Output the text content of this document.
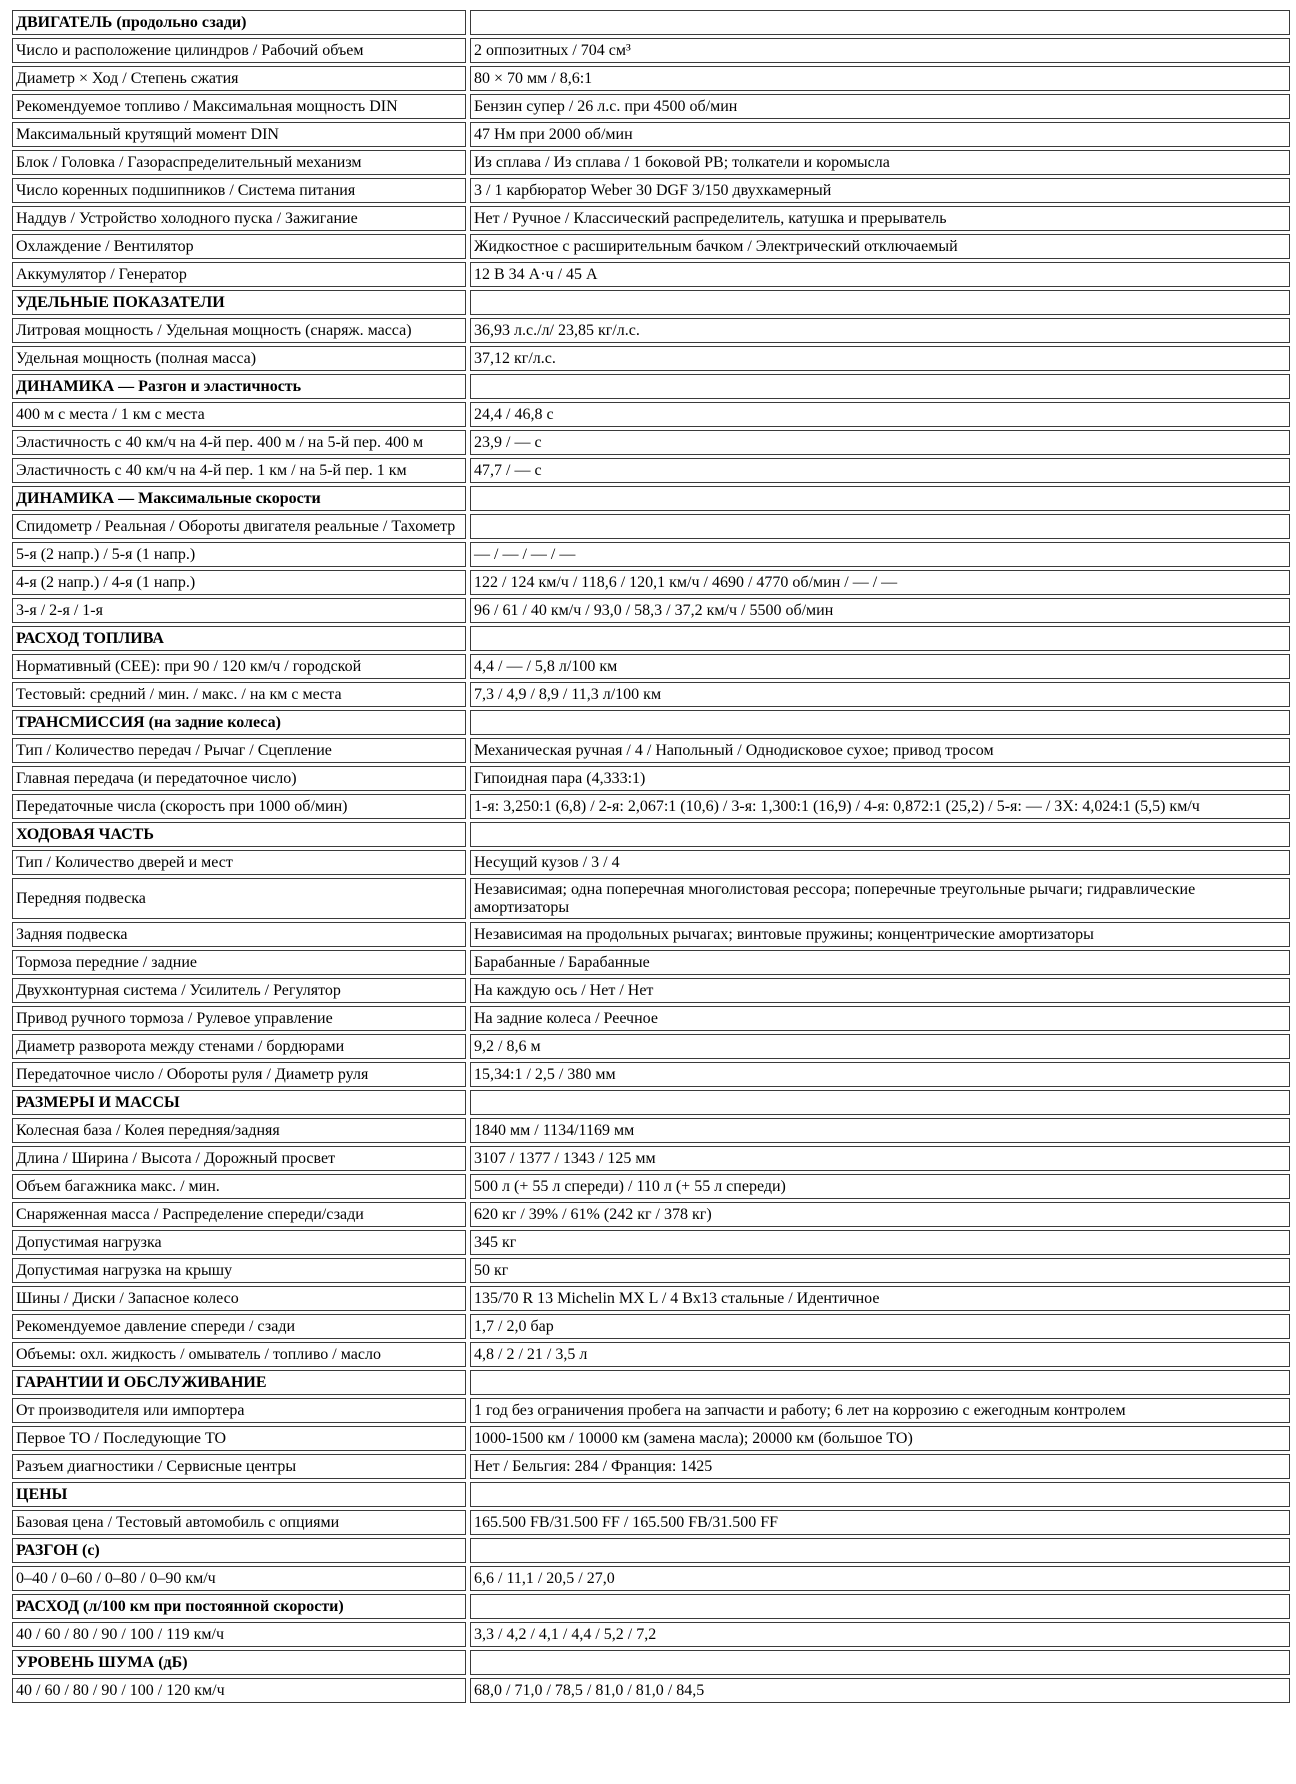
ДВИГАТЕЛЬ (продольно сзади)	
Число и расположение цилиндров / Рабочий объем	2 оппозитных / 704 см³
Диаметр × Ход / Степень сжатия	80 × 70 мм / 8,6:1
Рекомендуемое топливо / Максимальная мощность DIN	Бензин супер / 26 л.с. при 4500 об/мин
Максимальный крутящий момент DIN	47 Нм при 2000 об/мин
Блок / Головка / Газораспределительный механизм	Из сплава / Из сплава / 1 боковой РВ; толкатели и коромысла
Число коренных подшипников / Система питания	3 / 1 карбюратор Weber 30 DGF 3/150 двухкамерный
Наддув / Устройство холодного пуска / Зажигание	Нет / Ручное / Классический распределитель, катушка и прерыватель
Охлаждение / Вентилятор	Жидкостное с расширительным бачком / Электрический отключаемый
Аккумулятор / Генератор	12 В 34 А·ч / 45 А
УДЕЛЬНЫЕ ПОКАЗАТЕЛИ	
Литровая мощность / Удельная мощность (снаряж. масса)	36,93 л.с./л/ 23,85 кг/л.с.
Удельная мощность (полная масса)	37,12 кг/л.с.
ДИНАМИКА — Разгон и эластичность	
400 м с места / 1 км с места	24,4 / 46,8 с
Эластичность с 40 км/ч на 4-й пер. 400 м / на 5-й пер. 400 м	23,9 / — с
Эластичность с 40 км/ч на 4-й пер. 1 км / на 5-й пер. 1 км	47,7 / — с
ДИНАМИКА — Максимальные скорости	
Спидометр / Реальная / Обороты двигателя реальные / Тахометр	
5-я (2 напр.) / 5-я (1 напр.)	— / — / — / —
4-я (2 напр.) / 4-я (1 напр.)	122 / 124 км/ч / 118,6 / 120,1 км/ч / 4690 / 4770 об/мин / — / —
3-я / 2-я / 1-я	96 / 61 / 40 км/ч / 93,0 / 58,3 / 37,2 км/ч / 5500 об/мин
РАСХОД ТОПЛИВА	
Нормативный (CEE): при 90 / 120 км/ч / городской	4,4 / — / 5,8 л/100 км
Тестовый: средний / мин. / макс. / на км с места	7,3 / 4,9 / 8,9 / 11,3 л/100 км
ТРАНСМИССИЯ (на задние колеса)	
Тип / Количество передач / Рычаг / Сцепление	Механическая ручная / 4 / Напольный / Однодисковое сухое; привод тросом
Главная передача (и передаточное число)	Гипоидная пара (4,333:1)
Передаточные числа (скорость при 1000 об/мин)	1-я: 3,250:1 (6,8) / 2-я: 2,067:1 (10,6) / 3-я: 1,300:1 (16,9) / 4-я: 0,872:1 (25,2) / 5-я: — / ЗХ: 4,024:1 (5,5) км/ч
ХОДОВАЯ ЧАСТЬ	
Тип / Количество дверей и мест	Несущий кузов / 3 / 4
Передняя подвеска	Независимая; одна поперечная многолистовая рессора; поперечные треугольные рычаги; гидравлические амортизаторы
Задняя подвеска	Независимая на продольных рычагах; винтовые пружины; концентрические амортизаторы
Тормоза передние / задние	Барабанные / Барабанные
Двухконтурная система / Усилитель / Регулятор	На каждую ось / Нет / Нет
Привод ручного тормоза / Рулевое управление	На задние колеса / Реечное
Диаметр разворота между стенами / бордюрами	9,2 / 8,6 м
Передаточное число / Обороты руля / Диаметр руля	15,34:1 / 2,5 / 380 мм
РАЗМЕРЫ И МАССЫ	
Колесная база / Колея передняя/задняя	1840 мм / 1134/1169 мм
Длина / Ширина / Высота / Дорожный просвет	3107 / 1377 / 1343 / 125 мм
Объем багажника макс. / мин.	500 л (+ 55 л спереди) / 110 л (+ 55 л спереди)
Снаряженная масса / Распределение спереди/сзади	620 кг / 39% / 61% (242 кг / 378 кг)
Допустимая нагрузка	345 кг
Допустимая нагрузка на крышу	50 кг
Шины / Диски / Запасное колесо	135/70 R 13 Michelin MX L / 4 Bx13 стальные / Идентичное
Рекомендуемое давление спереди / сзади	1,7 / 2,0 бар
Объемы: охл. жидкость / омыватель / топливо / масло	4,8 / 2 / 21 / 3,5 л
ГАРАНТИИ И ОБСЛУЖИВАНИЕ	
От производителя или импортера	1 год без ограничения пробега на запчасти и работу; 6 лет на коррозию с ежегодным контролем
Первое ТО / Последующие ТО	1000-1500 км / 10000 км (замена масла); 20000 км (большое ТО)
Разъем диагностики / Сервисные центры	Нет / Бельгия: 284 / Франция: 1425
ЦЕНЫ	
Базовая цена / Тестовый автомобиль с опциями	165.500 FB/31.500 FF / 165.500 FB/31.500 FF
РАЗГОН (с)	
0–40 / 0–60 / 0–80 / 0–90 км/ч	6,6 / 11,1 / 20,5 / 27,0
РАСХОД (л/100 км при постоянной скорости)	
40 / 60 / 80 / 90 / 100 / 119 км/ч	3,3 / 4,2 / 4,1 / 4,4 / 5,2 / 7,2
УРОВЕНЬ ШУМА (дБ)	
40 / 60 / 80 / 90 / 100 / 120 км/ч	68,0 / 71,0 / 78,5 / 81,0 / 81,0 / 84,5
